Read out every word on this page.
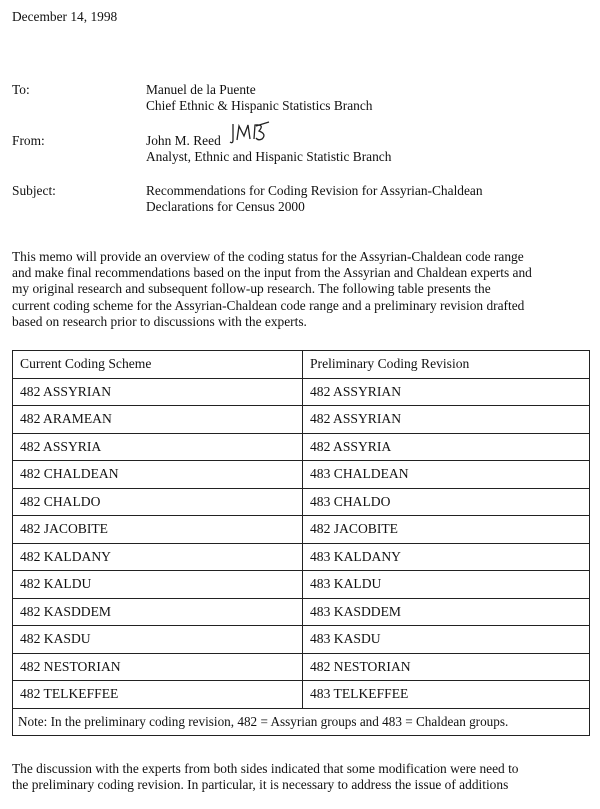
December 14, 1998
To:	Manuel de la Puente
Chief Ethnic & Hispanic Statistics Branch
From:	John M. Reed
Analyst, Ethnic and Hispanic Statistic Branch
Subject:	Recommendations for Coding Revision for Assyrian-Chaldean
Declarations for Census 2000
This memo will provide an overview of the coding status for the Assyrian-Chaldean code range
and make final recommendations based on the input from the Assyrian and Chaldean experts and
my original research and subsequent follow-up research. The following table presents the
current coding scheme for the Assyrian-Chaldean code range and a preliminary revision drafted
based on research prior to discussions with the experts.
Current Coding Scheme	Preliminary Coding Revision
482 ASSYRIAN	482 ASSYRIAN
482 ARAMEAN	482 ASSYRIAN
482 ASSYRIA	482 ASSYRIA
482 CHALDEAN	483 CHALDEAN
482 CHALDO	483 CHALDO
482 JACOBITE	482 JACOBITE
482 KALDANY	483 KALDANY
482 KALDU	483 KALDU
482 KASDDEM	483 KASDDEM
482 KASDU	483 KASDU
482 NESTORIAN	482 NESTORIAN
482 TELKEFFEE	483 TELKEFFEE
Note: In the preliminary coding revision, 482 = Assyrian groups and 483 = Chaldean groups.	
The discussion with the experts from both sides indicated that some modification were need to
the preliminary coding revision. In particular, it is necessary to address the issue of additions
